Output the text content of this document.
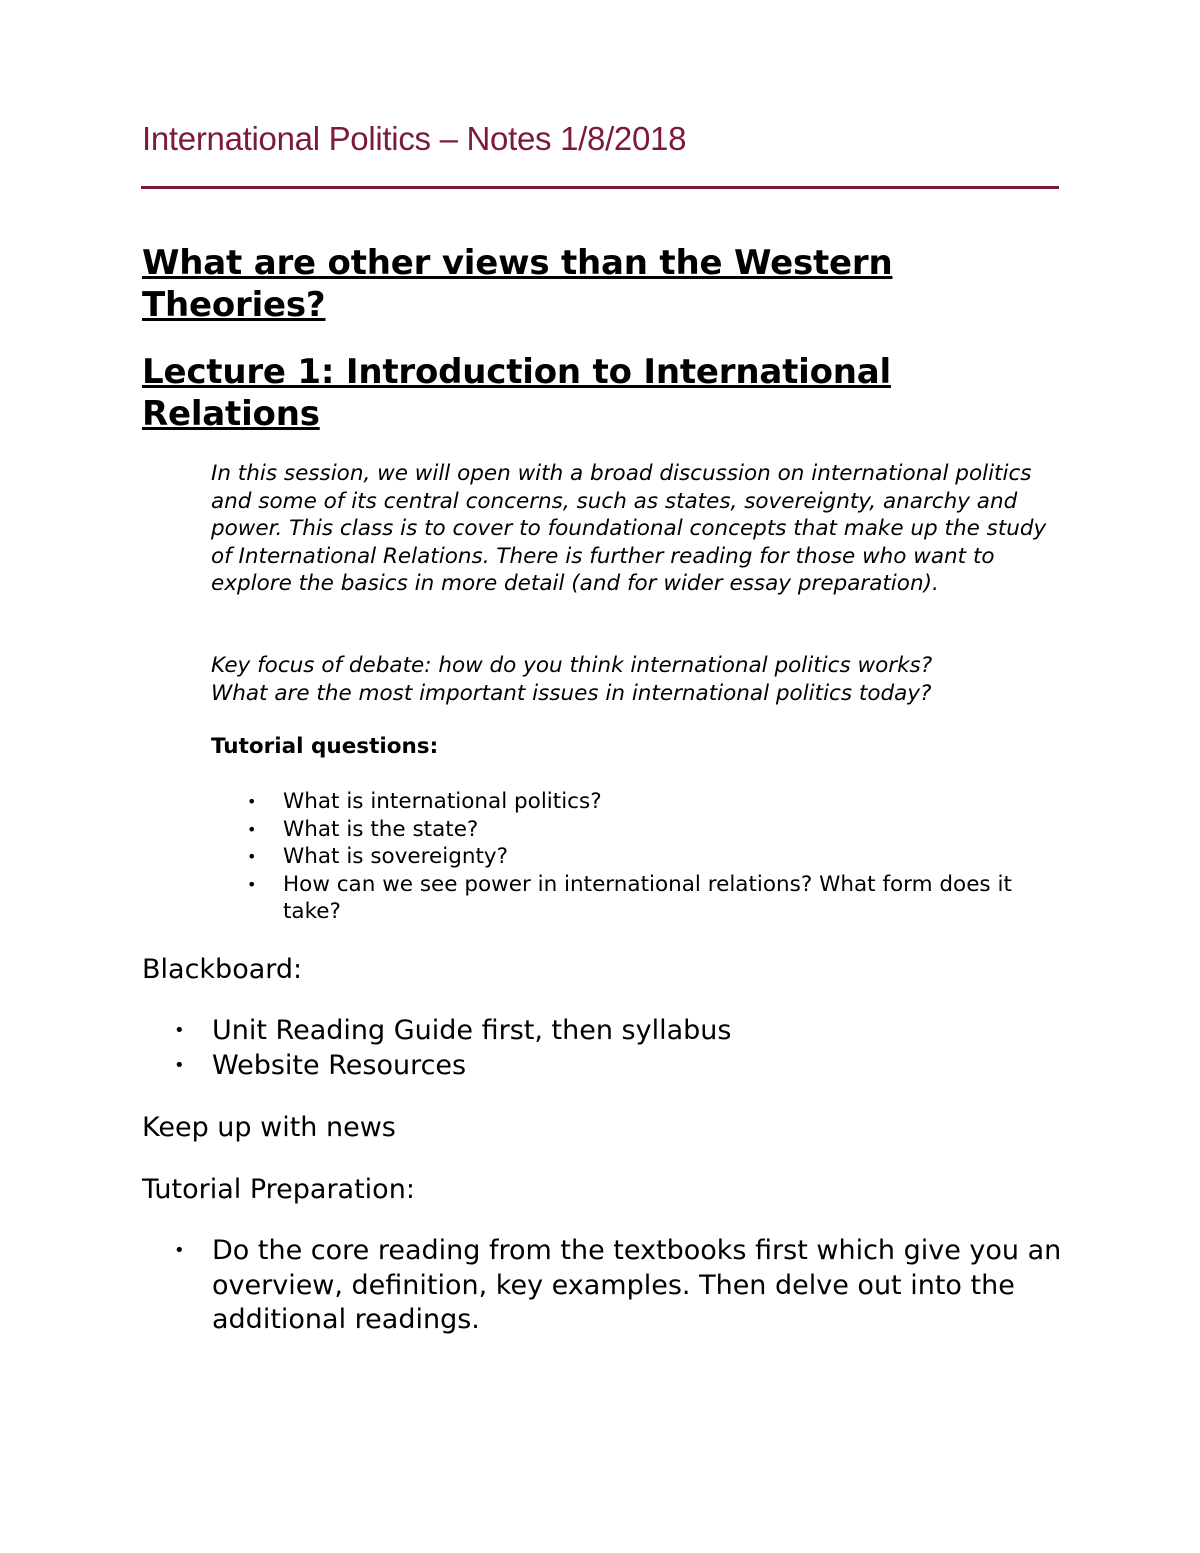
International Politics – Notes 1/8/2018
What are other views than the Western Theories?
Lecture 1: Introduction to International Relations

In this session, we will open with a broad discussion on international politics and some of its central concerns, such as states, sovereignty, anarchy and power. This class is to cover to foundational concepts that make up the study of International Relations. There is further reading for those who want to explore the basics in more detail (and for wider essay preparation).

Key focus of debate: how do you think international politics works?

What are the most important issues in international politics today?

Tutorial questions:
• What is international politics?
• What is the state?
• What is sovereignty?
• How can we see power in international relations? What form does it take?
Blackboard:
• Unit Reading Guide first, then syllabus
• Website Resources
Keep up with news
Tutorial Preparation:
• Do the core reading from the textbooks first which give you an overview, definition, key examples. Then delve out into the additional readings.
